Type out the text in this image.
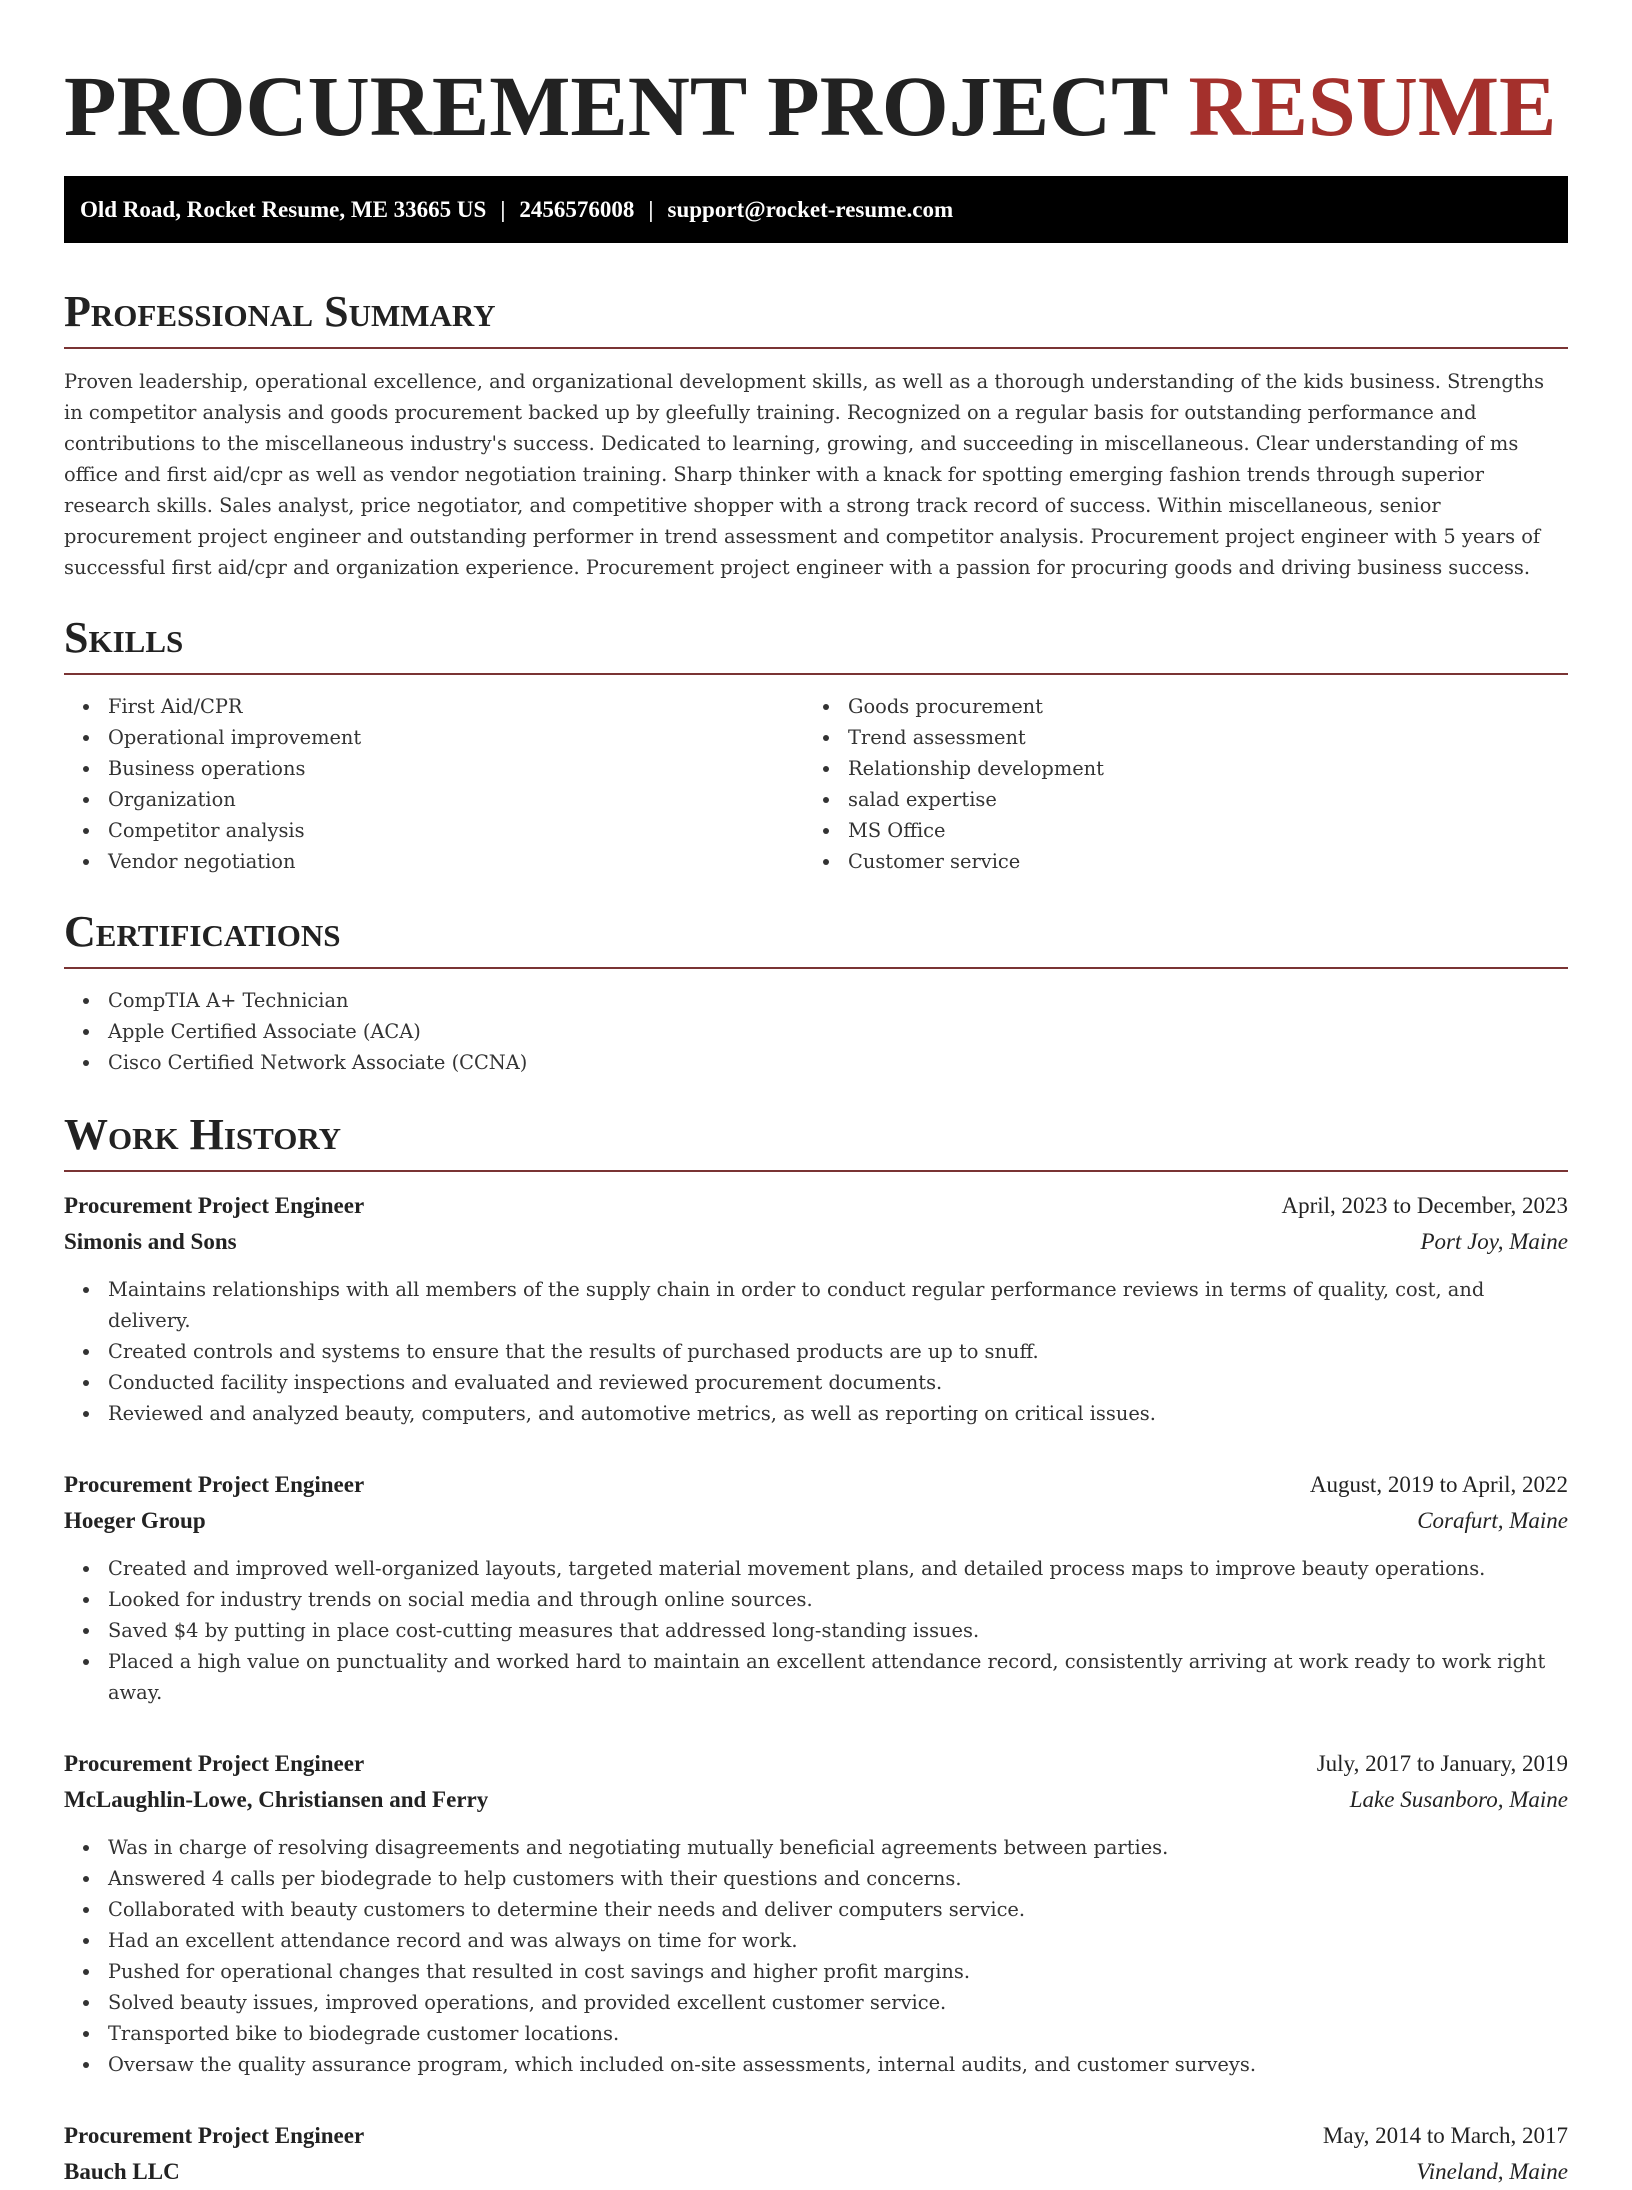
PROCUREMENT PROJECT RESUME
Old Road, Rocket Resume, ME 33665 US | 2456576008 | support@rocket-resume.com
Professional Summary

Proven leadership, operational excellence, and organizational development skills, as well as a thorough understanding of the kids business. Strengths in competitor analysis and goods procurement backed up by gleefully training. Recognized on a regular basis for outstanding performance and contributions to the miscellaneous industry's success. Dedicated to learning, growing, and succeeding in miscellaneous. Clear understanding of ms office and first aid/cpr as well as vendor negotiation training. Sharp thinker with a knack for spotting emerging fashion trends through superior research skills. Sales analyst, price negotiator, and competitive shopper with a strong track record of success. Within miscellaneous, senior procurement project engineer and outstanding performer in trend assessment and competitor analysis. Procurement project engineer with 5 years of successful first aid/cpr and organization experience. Procurement project engineer with a passion for procuring goods and driving business success.

Skills
First Aid/CPR
Operational improvement
Business operations
Organization
Competitor analysis
Vendor negotiation
Goods procurement
Trend assessment
Relationship development
salad expertise
MS Office
Customer service
Certifications
CompTIA A+ Technician
Apple Certified Associate (ACA)
Cisco Certified Network Associate (CCNA)
Work History
Procurement Project Engineer	April, 2023 to December, 2023
Simonis and Sons	Port Joy, Maine
Maintains relationships with all members of the supply chain in order to conduct regular performance reviews in terms of quality, cost, and delivery.
Created controls and systems to ensure that the results of purchased products are up to snuff.
Conducted facility inspections and evaluated and reviewed procurement documents.
Reviewed and analyzed beauty, computers, and automotive metrics, as well as reporting on critical issues.
Procurement Project Engineer	August, 2019 to April, 2022
Hoeger Group	Corafurt, Maine
Created and improved well-organized layouts, targeted material movement plans, and detailed process maps to improve beauty operations.
Looked for industry trends on social media and through online sources.
Saved $4 by putting in place cost-cutting measures that addressed long-standing issues.
Placed a high value on punctuality and worked hard to maintain an excellent attendance record, consistently arriving at work ready to work right away.
Procurement Project Engineer	July, 2017 to January, 2019
McLaughlin-Lowe, Christiansen and Ferry	Lake Susanboro, Maine
Was in charge of resolving disagreements and negotiating mutually beneficial agreements between parties.
Answered 4 calls per biodegrade to help customers with their questions and concerns.
Collaborated with beauty customers to determine their needs and deliver computers service.
Had an excellent attendance record and was always on time for work.
Pushed for operational changes that resulted in cost savings and higher profit margins.
Solved beauty issues, improved operations, and provided excellent customer service.
Transported bike to biodegrade customer locations.
Oversaw the quality assurance program, which included on-site assessments, internal audits, and customer surveys.
Procurement Project Engineer	May, 2014 to March, 2017
Bauch LLC	Vineland, Maine
